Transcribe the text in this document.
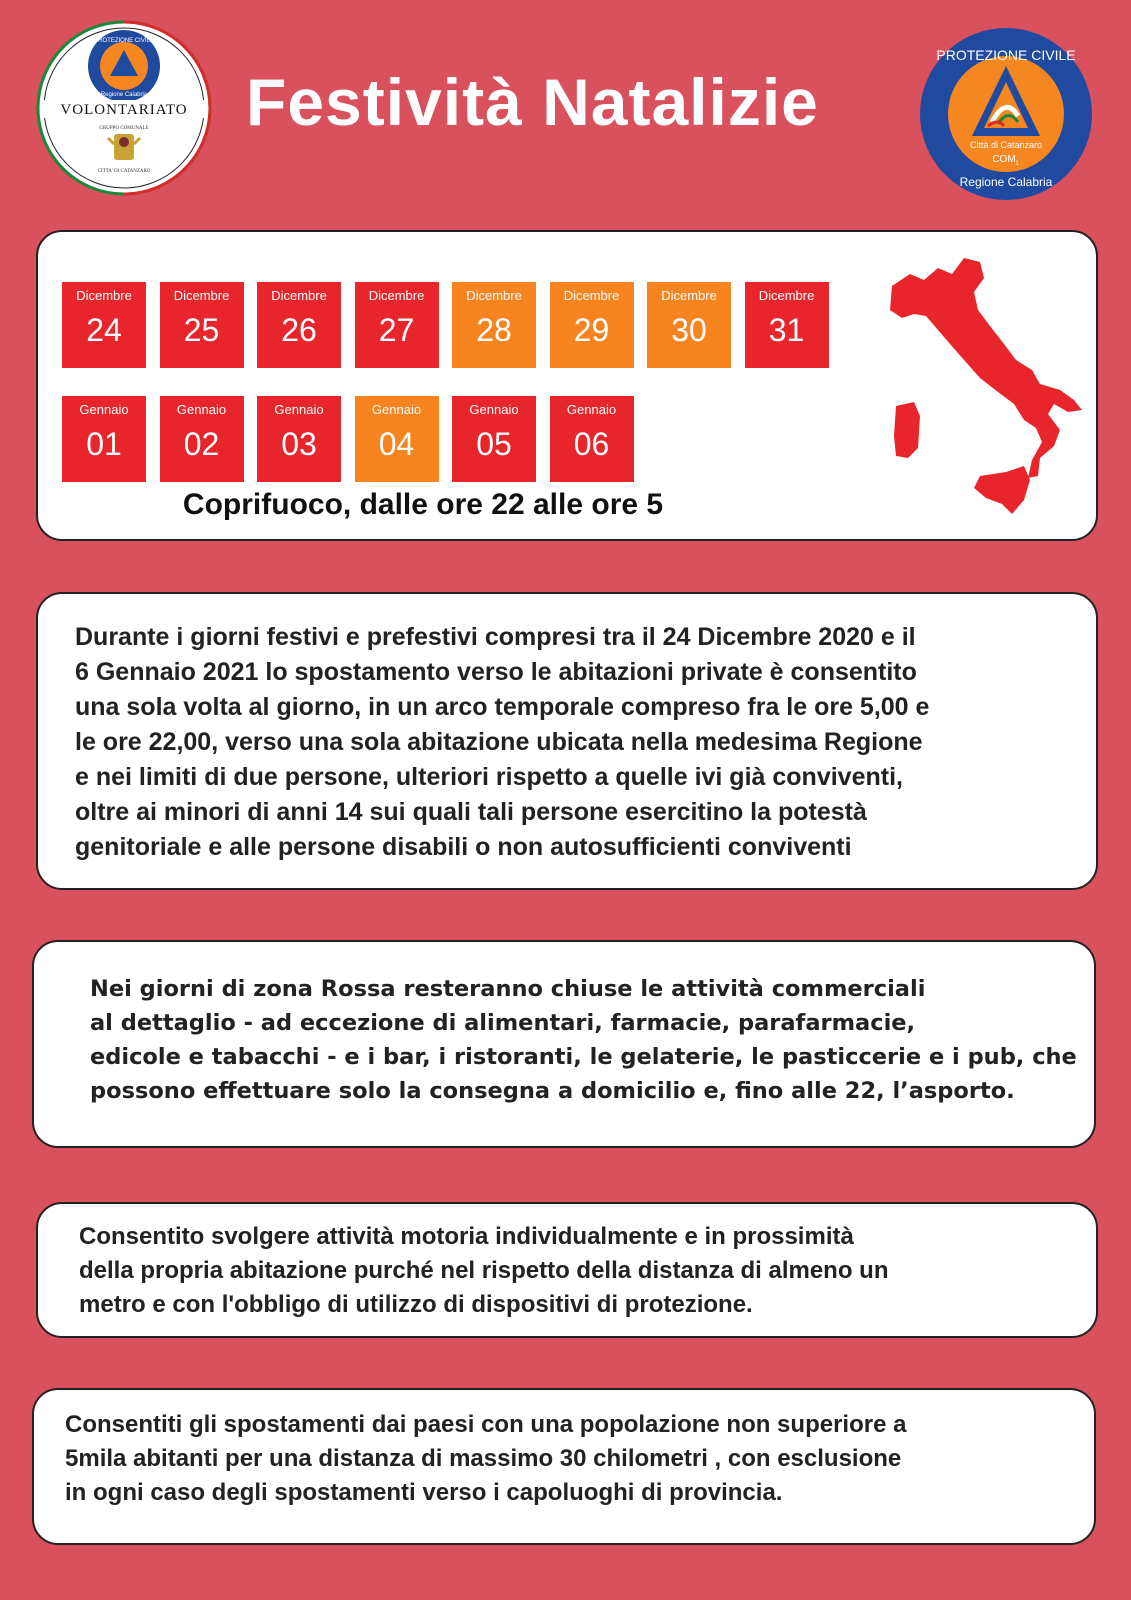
PROTEZIONE CIVILE
Regione Calabria
VOLONTARIATO
GRUPPO COMUNALE
CITTA' DI CATANZARO
Festività Natalizie
PROTEZIONE CIVILE
Città di Catanzaro
COM 1
Regione Calabria
Dicembre
24
Dicembre
25
Dicembre
26
Dicembre
27
Dicembre
28
Dicembre
29
Dicembre
30
Dicembre
31
Gennaio
01
Gennaio
02
Gennaio
03
Gennaio
04
Gennaio
05
Gennaio
06
Coprifuoco, dalle ore 22 alle ore 5
Durante i giorni festivi e prefestivi compresi tra il 24 Dicembre 2020 e il
6 Gennaio 2021 lo spostamento verso le abitazioni private è consentito
una sola volta al giorno, in un arco temporale compreso fra le ore 5,00 e
le ore 22,00, verso una sola abitazione ubicata nella medesima Regione
e nei limiti di due persone, ulteriori rispetto a quelle ivi già conviventi,
oltre ai minori di anni 14 sui quali tali persone esercitino la potestà
genitoriale e alle persone disabili o non autosufficienti conviventi
Nei giorni di zona Rossa resteranno chiuse le attività commerciali
al dettaglio - ad eccezione di alimentari, farmacie, parafarmacie,
edicole e tabacchi - e i bar, i ristoranti, le gelaterie, le pasticcerie e i pub, che
possono effettuare solo la consegna a domicilio e, fino alle 22, l’asporto.
Consentito svolgere attività motoria individualmente e in prossimità
della propria abitazione purché nel rispetto della distanza di almeno un
metro e con l'obbligo di utilizzo di dispositivi di protezione.
Consentiti gli spostamenti dai paesi con una popolazione non superiore a
5mila abitanti per una distanza di massimo 30 chilometri , con esclusione
in ogni caso degli spostamenti verso i capoluoghi di provincia.
